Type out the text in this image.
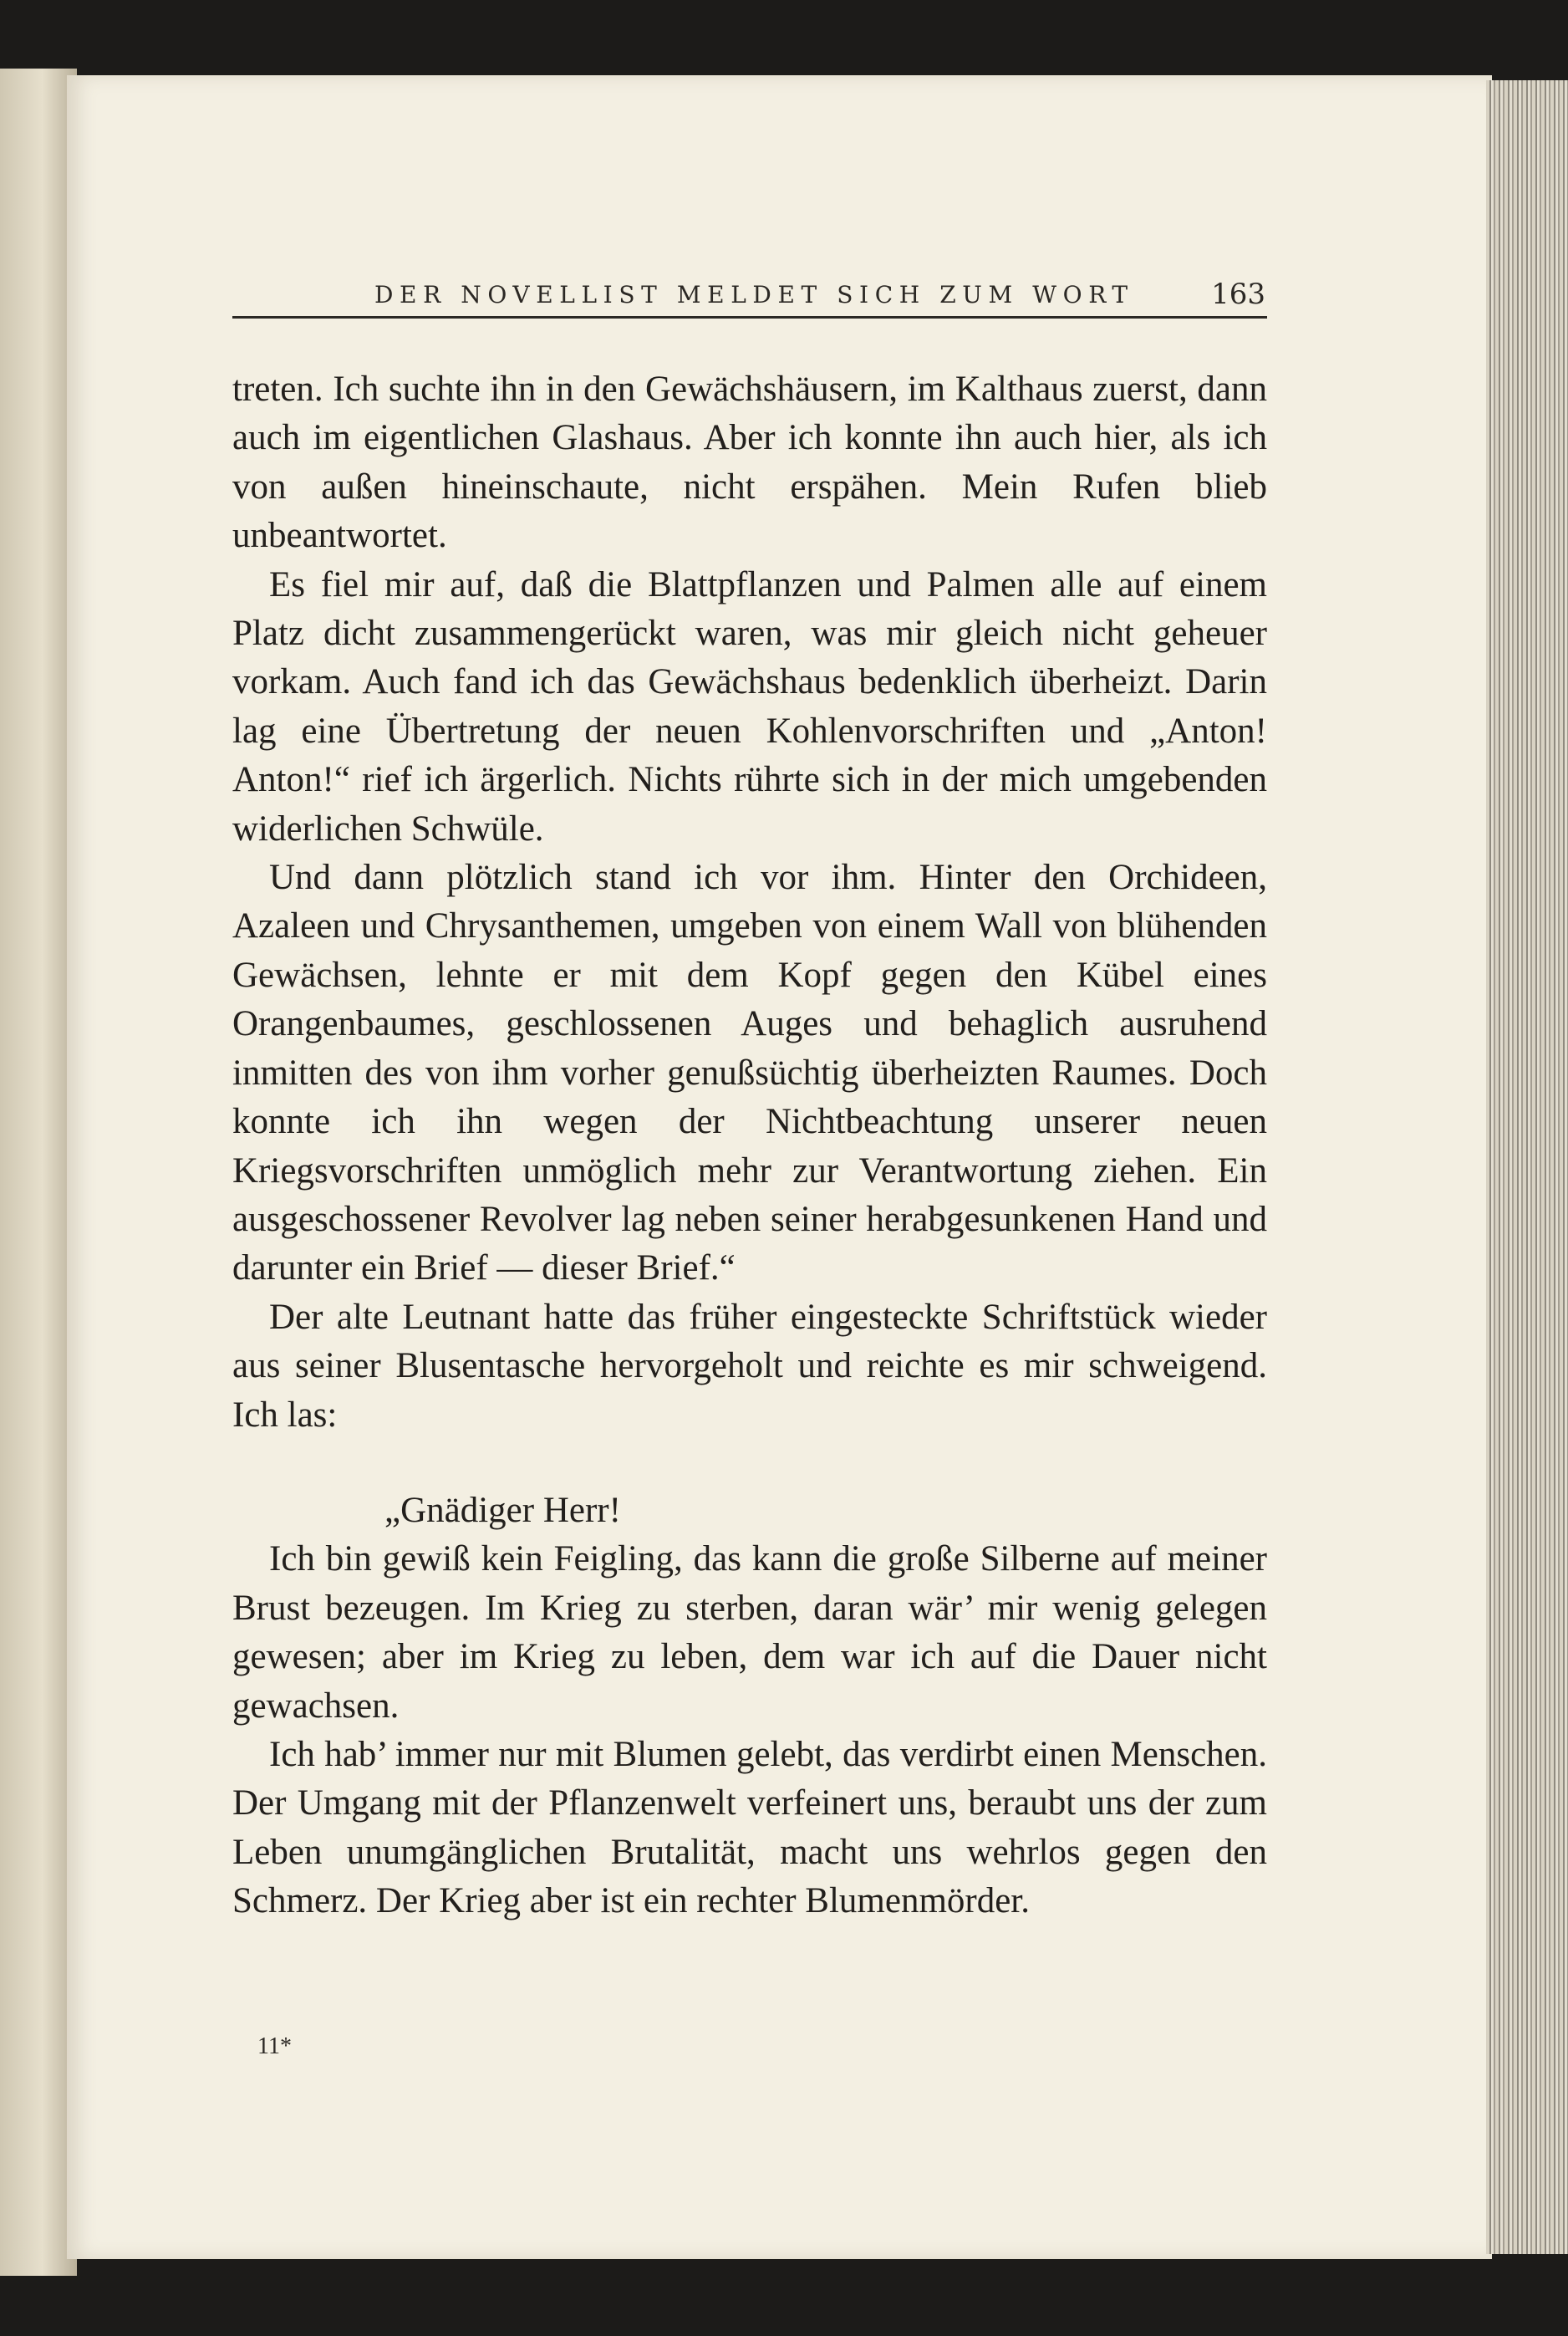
DER NOVELLIST MELDET SICH ZUM WORT	163

treten. Ich suchte ihn in den Gewächshäusern, im Kalthaus zuerst, dann auch im eigentlichen Glashaus. Aber ich konnte ihn auch hier, als ich von außen hineinschaute, nicht erspähen. Mein Rufen blieb unbeantwortet.

Es fiel mir auf, daß die Blattpflanzen und Palmen alle auf einem Platz dicht zusammengerückt waren, was mir gleich nicht geheuer vorkam. Auch fand ich das Gewächshaus bedenklich überheizt. Darin lag eine Übertretung der neuen Kohlenvorschriften und „Anton! Anton!“ rief ich ärgerlich. Nichts rührte sich in der mich umgebenden widerlichen Schwüle.

Und dann plötzlich stand ich vor ihm. Hinter den Orchideen, Azaleen und Chrysanthemen, umgeben von einem Wall von blühenden Gewächsen, lehnte er mit dem Kopf gegen den Kübel eines Orangenbaumes, geschlossenen Auges und behaglich ausruhend inmitten des von ihm vorher genußsüchtig überheizten Raumes. Doch konnte ich ihn wegen der Nichtbeachtung unserer neuen Kriegsvorschriften unmöglich mehr zur Verantwortung ziehen. Ein ausgeschossener Revolver lag neben seiner herabgesunkenen Hand und darunter ein Brief — dieser Brief.“

Der alte Leutnant hatte das früher eingesteckte Schriftstück wieder aus seiner Blusentasche hervorgeholt und reichte es mir schweigend. Ich las:

„Gnädiger Herr!

Ich bin gewiß kein Feigling, das kann die große Silberne auf meiner Brust bezeugen. Im Krieg zu sterben, daran wär’ mir wenig gelegen gewesen; aber im Krieg zu leben, dem war ich auf die Dauer nicht gewachsen.

Ich hab’ immer nur mit Blumen gelebt, das verdirbt einen Menschen. Der Umgang mit der Pflanzenwelt verfeinert uns, beraubt uns der zum Leben unumgänglichen Brutalität, macht uns wehrlos gegen den Schmerz. Der Krieg aber ist ein rechter Blumenmörder.

11*
